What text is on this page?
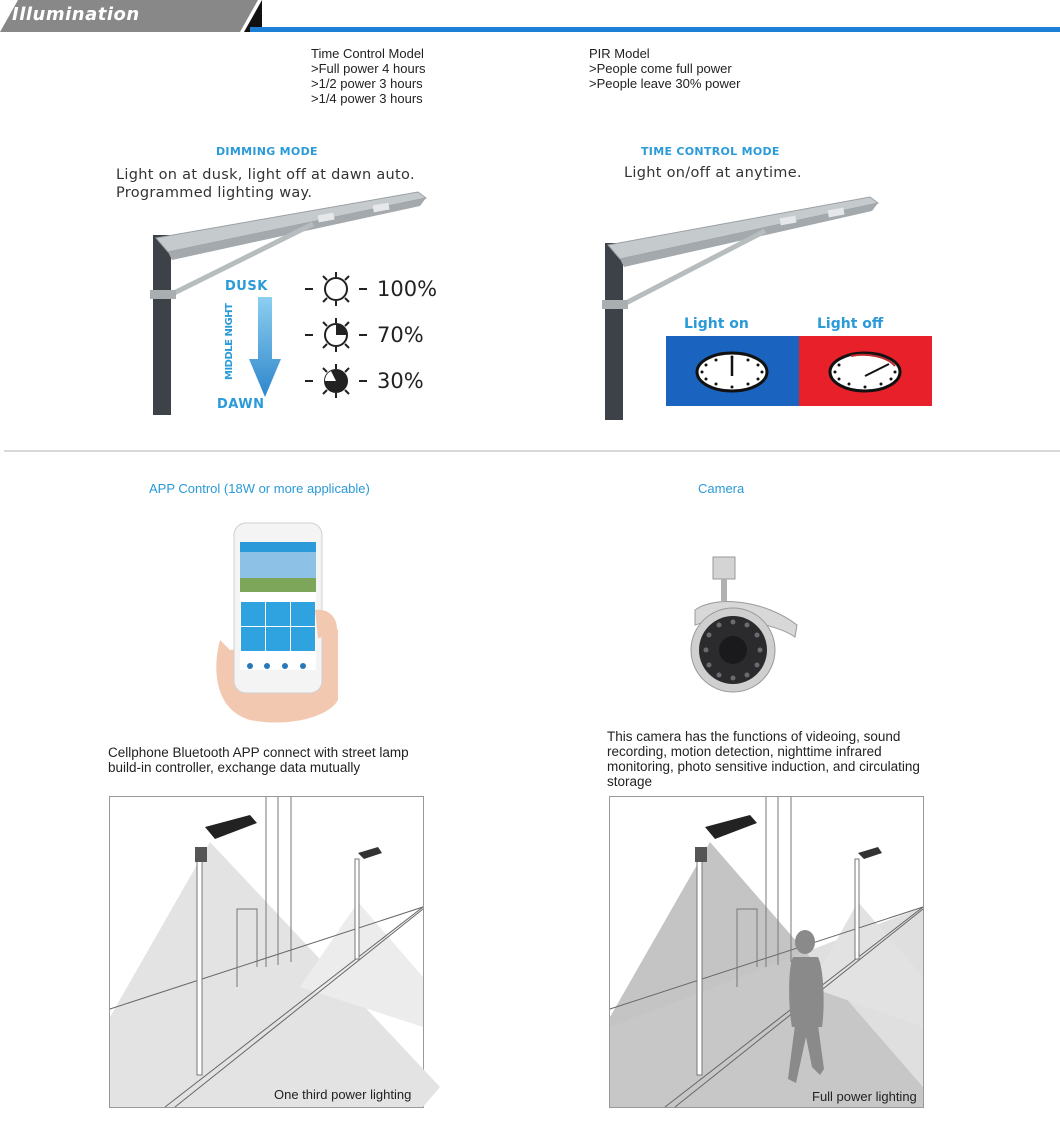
Illumination
Time Control Model
>Full power 4 hours
>1/2 power 3 hours
>1/4 power 3 hours
PIR Model
>People come full power
>People leave 30% power
DIMMING MODE
Light on at dusk, light off at dawn auto.
Programmed lighting way.
DUSK
MIDDLE NIGHT
DAWN
100%
70%
30%
TIME CONTROL MODE
Light on/off at anytime.
Light on	Light off
APP Control (18W or more applicable)
Cellphone Bluetooth APP connect with street lamp
build-in controller, exchange data mutually
Camera
This camera has the functions of videoing, sound
recording, motion detection, nighttime infrared
monitoring, photo sensitive induction, and circulating
storage
One third power lighting	Full power lighting
